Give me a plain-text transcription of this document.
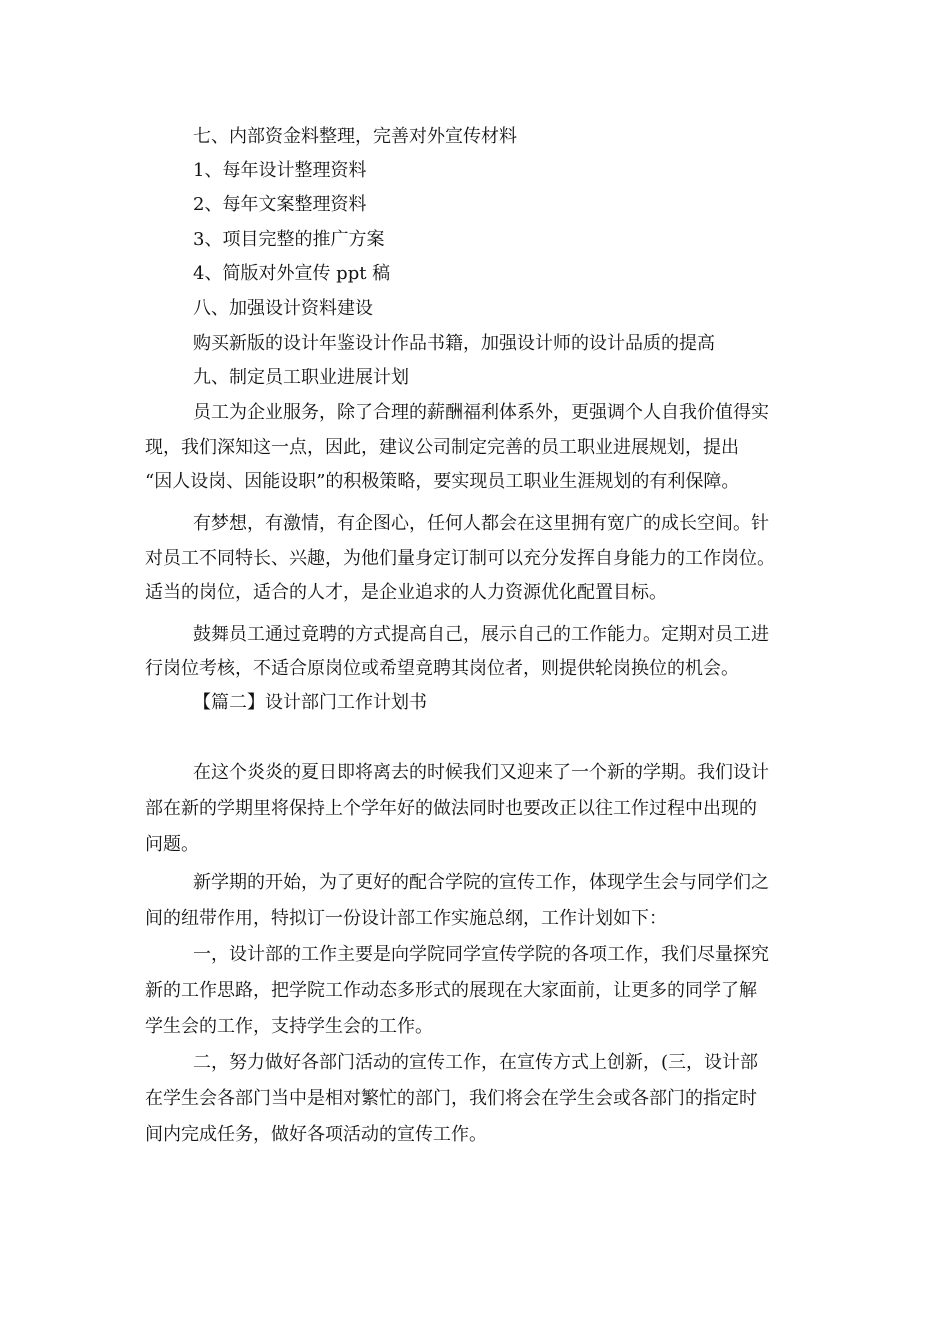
七、内部资金料整理，完善对外宣传材料
1、每年设计整理资料
2、每年文案整理资料
3、项目完整的推广方案
4、简版对外宣传 ppt 稿
八、加强设计资料建设
购买新版的设计年鉴设计作品书籍，加强设计师的设计品质的提高
九、制定员工职业进展计划
员工为企业服务，除了合理的薪酬福利体系外，更强调个人自我价值得实
现，我们深知这一点，因此，建议公司制定完善的员工职业进展规划，提出
“因人设岗、因能设职”的积极策略，要实现员工职业生涯规划的有利保障。
有梦想，有激情，有企图心，任何人都会在这里拥有宽广的成长空间。针
对员工不同特长、兴趣，为他们量身定订制可以充分发挥自身能力的工作岗位。
适当的岗位，适合的人才，是企业追求的人力资源优化配置目标。
鼓舞员工通过竟聘的方式提高自己，展示自己的工作能力。定期对员工进
行岗位考核，不适合原岗位或希望竟聘其岗位者，则提供轮岗换位的机会。
【篇二】设计部门工作计划书
在这个炎炎的夏日即将离去的时候我们又迎来了一个新的学期。我们设计
部在新的学期里将保持上个学年好的做法同时也要改正以往工作过程中出现的
问题。
新学期的开始，为了更好的配合学院的宣传工作，体现学生会与同学们之
间的纽带作用，特拟订一份设计部工作实施总纲，工作计划如下：
一，设计部的工作主要是向学院同学宣传学院的各项工作，我们尽量探究
新的工作思路，把学院工作动态多形式的展现在大家面前，让更多的同学了解
学生会的工作，支持学生会的工作。
二，努力做好各部门活动的宣传工作，在宣传方式上创新，(三，设计部
在学生会各部门当中是相对繁忙的部门，我们将会在学生会或各部门的指定时
间内完成任务，做好各项活动的宣传工作。
